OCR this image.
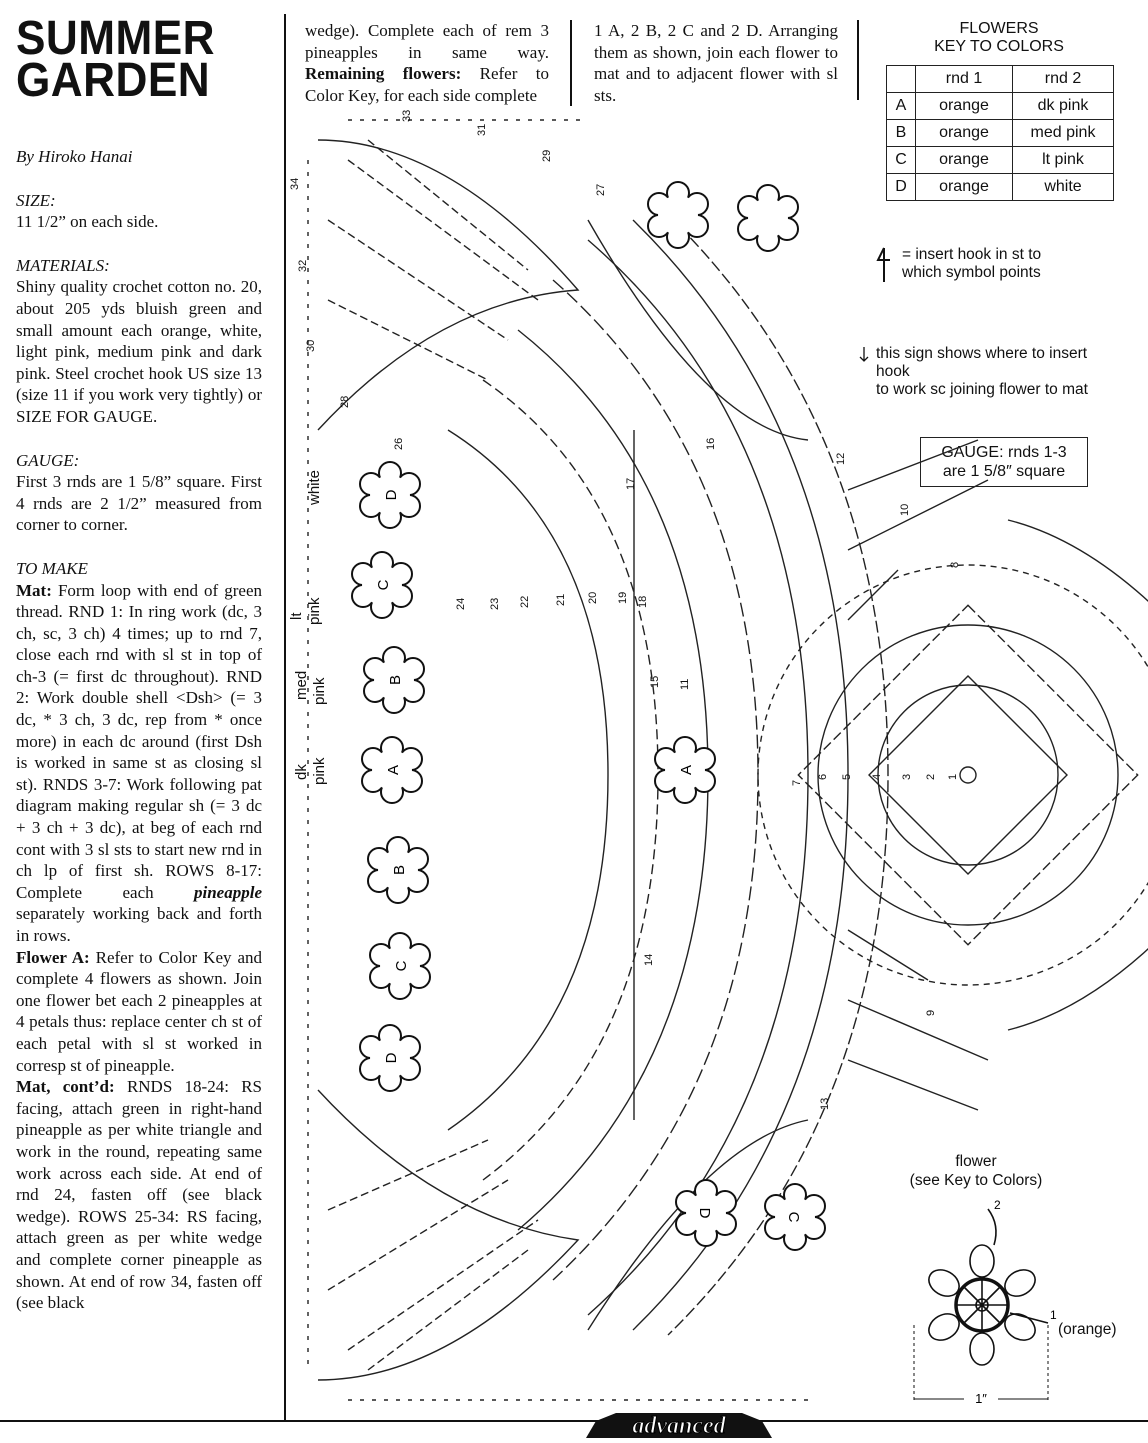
SUMMER
GARDEN

By Hiroko Hanai

SIZE:

11 1/2” on each side.

MATERIALS:

Shiny quality crochet cotton no. 20, about 205 yds bluish green and small amount each orange, white, light pink, medium pink and dark pink. Steel crochet hook US size 13 (size 11 if you work very tightly) or SIZE FOR GAUGE.

GAUGE:

First 3 rnds are 1 5/8” square. First 4 rnds are 2 1/2” measured from corner to corner.

TO MAKE

Mat: Form loop with end of green thread. RND 1: In ring work (dc, 3 ch, sc, 3 ch) 4 times; up to rnd 7, close each rnd with sl st in top of ch-3 (= first dc throughout). RND 2: Work double shell <Dsh> (= 3 dc, * 3 ch, 3 dc, rep from * once more) in each dc around (first Dsh is worked in same st as closing sl st). RNDS 3-7: Work following pat diagram making regular sh (= 3 dc + 3 ch + 3 dc), at beg of each rnd cont with 3 sl sts to start new rnd in ch lp of first sh. ROWS 8-17: Complete each pineapple separately working back and forth in rows.

Flower A: Refer to Color Key and complete 4 flowers as shown. Join one flower bet each 2 pineapples at 4 petals thus: replace center ch st of each petal with sl st worked in corresp st of pineapple.

Mat, cont’d: RNDS 18-24: RS facing, attach green in right-hand pineapple as per white triangle and work in the round, repeating same work across each side. At end of rnd 24, fasten off (see black wedge). ROWS 25-34: RS facing, attach green as per white wedge and complete corner pineapple as shown. At end of row 34, fasten off (see black

wedge). Complete each of rem 3 pineapples in same way. Remaining flowers: Refer to Color Key, for each side complete
1 A, 2 B, 2 C and 2 D. Arranging them as shown, join each flower to mat and to adjacent flower with sl sts.
FLOWERS
KEY TO COLORS
	rnd 1	rnd 2
A	orange	dk pink
B	orange	med pink
C	orange	lt pink
D	orange	white
= insert hook in st to
which symbol points
this sign shows where to insert
hook
to work sc joining flower to mat
GAUGE: rnds 1-3
are 1 5/8″ square
D
C
B
A
B
C
D
D	C
A
white
lt pink
med pink
dk pink
34
33
31
29
27
32
30
28
26
24 23 22 21 20 19 18
17
16
15
14
13
12
11
10
9
8
7
6 5 4 3 2 1
flower
(see Key to Colors)
2
1
1″
(orange)
advanced
